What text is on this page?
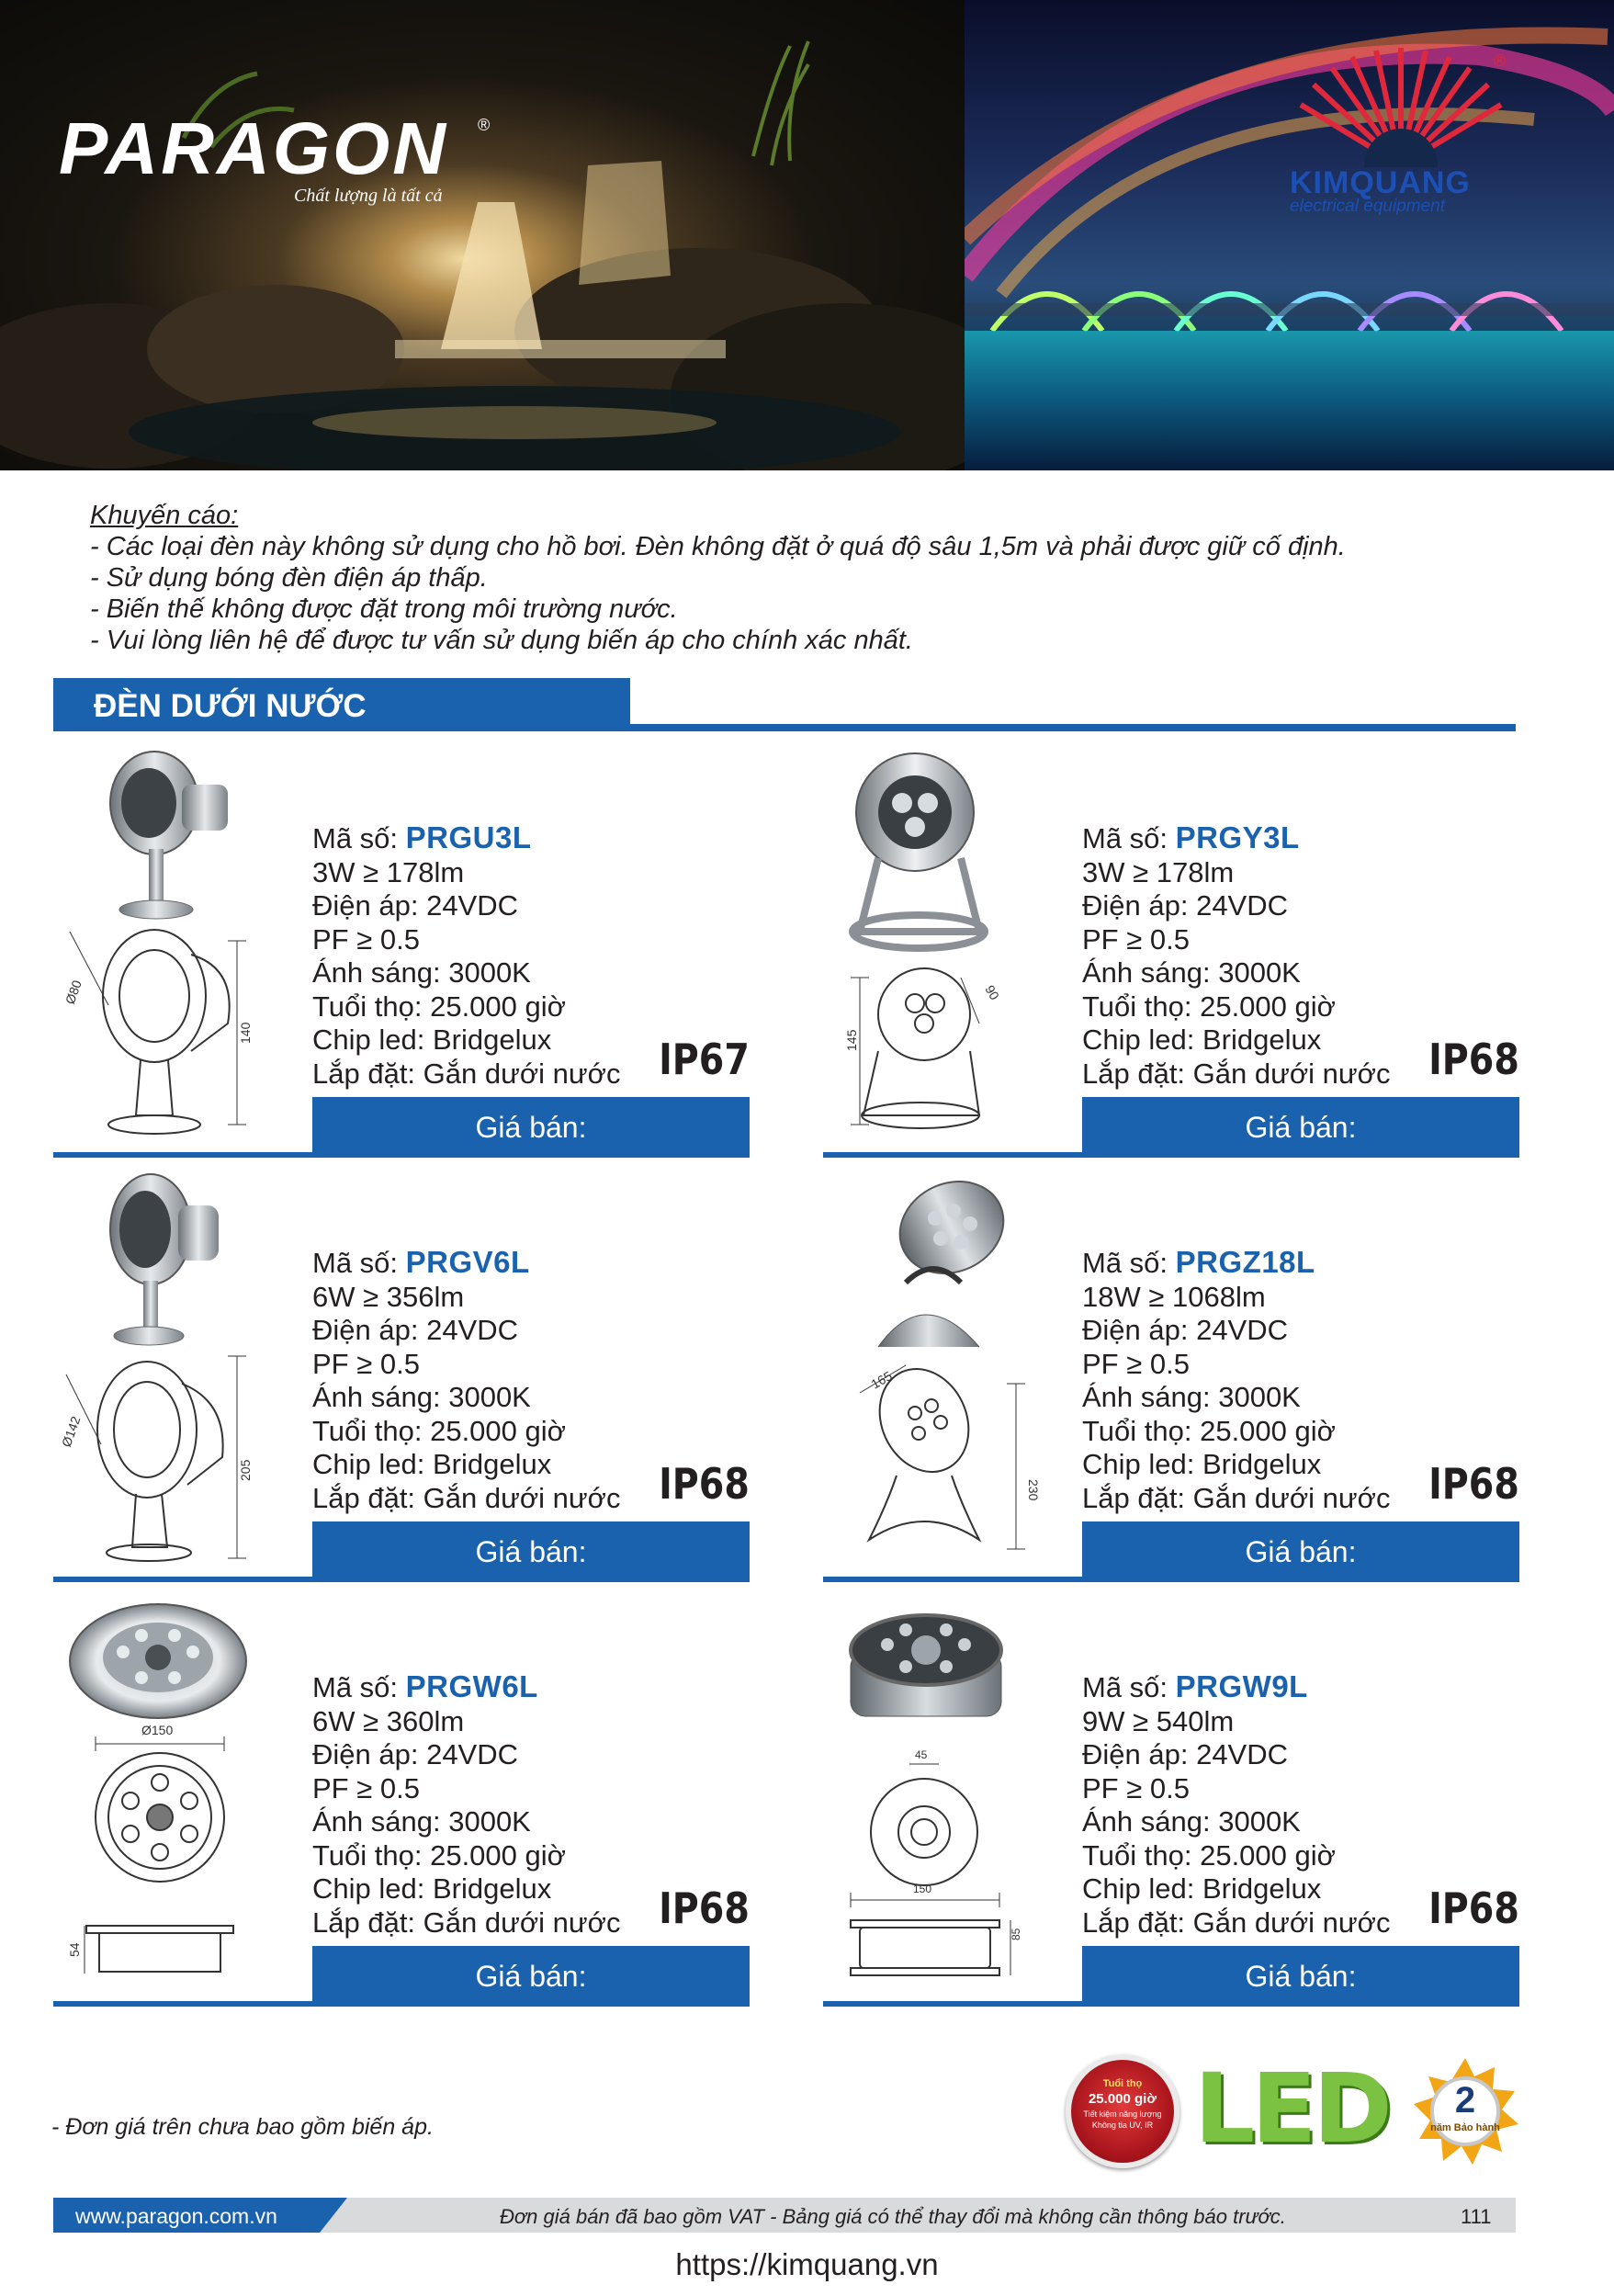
PARAGON ®
Chất lượng là tất cả
®
KIMQUANG
electrical equipment
Khuyến cáo:
- Các loại đèn này không sử dụng cho hồ bơi. Đèn không đặt ở quá độ sâu 1,5m và phải được giữ cố định.
- Sử dụng bóng đèn điện áp thấp.
- Biến thế không được đặt trong môi trường nước.
- Vui lòng liên hệ để được tư vấn sử dụng biến áp cho chính xác nhất.
ĐÈN DƯỚI NƯỚC
Ø80
140
Mã số: PRGU3L
3W ≥ 178lm
Điện áp: 24VDC
PF ≥ 0.5
Ánh sáng: 3000K
Tuổi thọ: 25.000 giờ
Chip led: Bridgelux
Lắp đặt: Gắn dưới nước IP67
Giá bán:
145
90
Mã số: PRGY3L
3W ≥ 178lm
Điện áp: 24VDC
PF ≥ 0.5
Ánh sáng: 3000K
Tuổi thọ: 25.000 giờ
Chip led: Bridgelux
Lắp đặt: Gắn dưới nước IP68
Giá bán:
Ø142
205
Mã số: PRGV6L
6W ≥ 356lm
Điện áp: 24VDC
PF ≥ 0.5
Ánh sáng: 3000K
Tuổi thọ: 25.000 giờ
Chip led: Bridgelux
Lắp đặt: Gắn dưới nước IP68
Giá bán:
165
230
Mã số: PRGZ18L
18W ≥ 1068lm
Điện áp: 24VDC
PF ≥ 0.5
Ánh sáng: 3000K
Tuổi thọ: 25.000 giờ
Chip led: Bridgelux
Lắp đặt: Gắn dưới nước IP68
Giá bán:
Ø150
54
Mã số: PRGW6L
6W ≥ 360lm
Điện áp: 24VDC
PF ≥ 0.5
Ánh sáng: 3000K
Tuổi thọ: 25.000 giờ
Chip led: Bridgelux
Lắp đặt: Gắn dưới nước IP68
Giá bán:
45
150
85
Mã số: PRGW9L
9W ≥ 540lm
Điện áp: 24VDC
PF ≥ 0.5
Ánh sáng: 3000K
Tuổi thọ: 25.000 giờ
Chip led: Bridgelux
Lắp đặt: Gắn dưới nước IP68
Giá bán:
- Đơn giá trên chưa bao gồm biến áp.
Tuổi thọ
25.000 giờ
Tiết kiệm năng lượng
Không tia UV, IR LED	2
năm Bảo hành
www.paragon.com.vn	Đơn giá bán đã bao gồm VAT - Bảng giá có thể thay đổi mà không cần thông báo trước.	111
https://kimquang.vn
